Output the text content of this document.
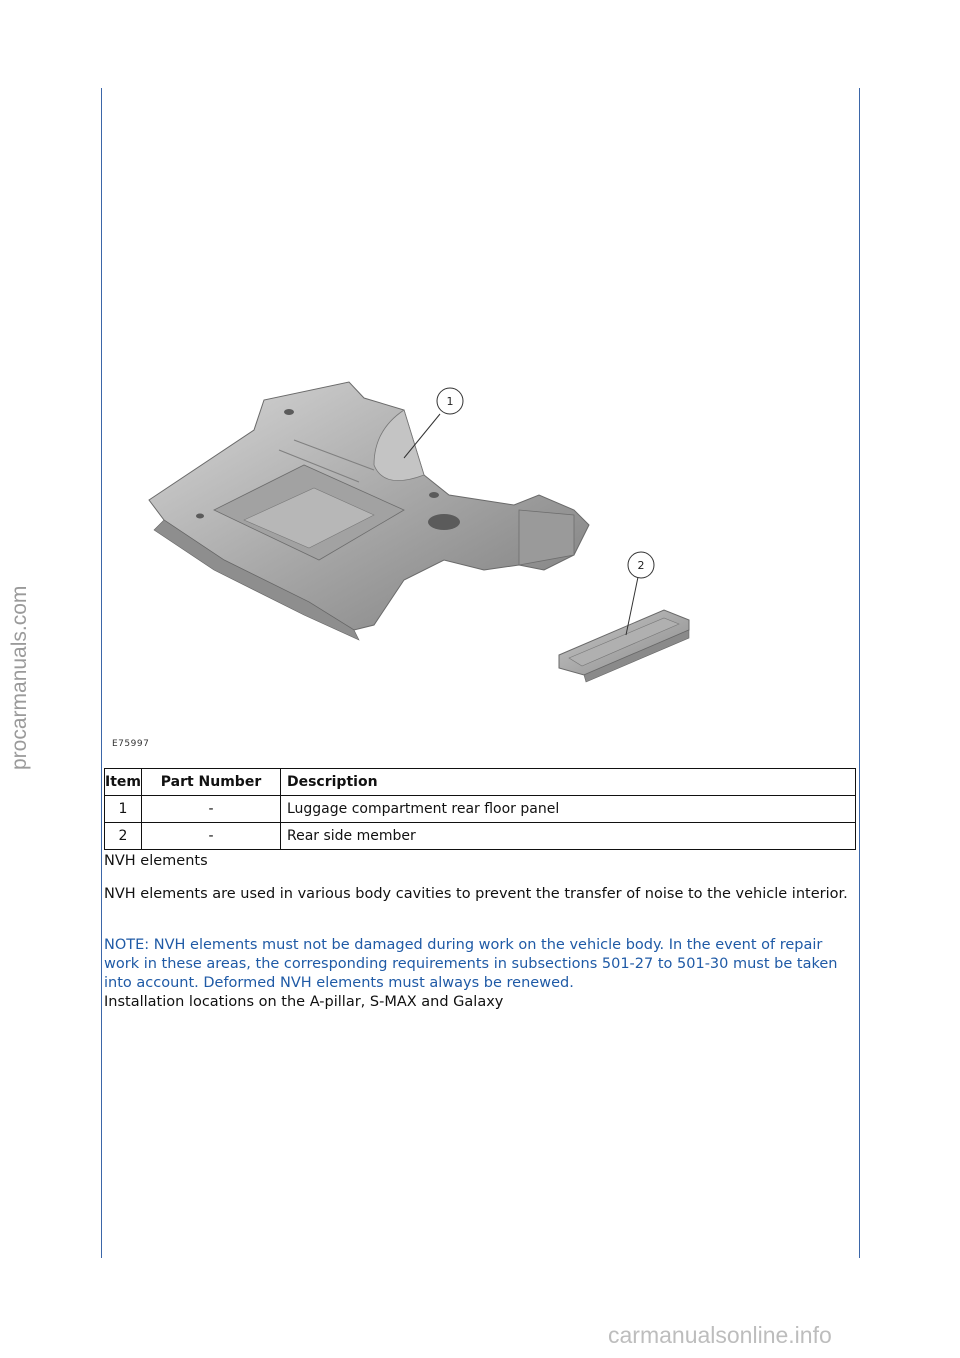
procarmanuals.com
1
2
E75997
Item	Part Number	Description
1	-	Luggage compartment rear floor panel
2	-	Rear side member
NVH elements
NVH elements are used in various body cavities to prevent the transfer of noise to the vehicle interior.
NOTE: NVH elements must not be damaged during work on the vehicle body. In the event of repair work in these areas, the corresponding requirements in subsections 501-27 to 501-30 must be taken into account. Deformed NVH elements must always be renewed.
Installation locations on the A-pillar, S-MAX and Galaxy
carmanualsonline.info
